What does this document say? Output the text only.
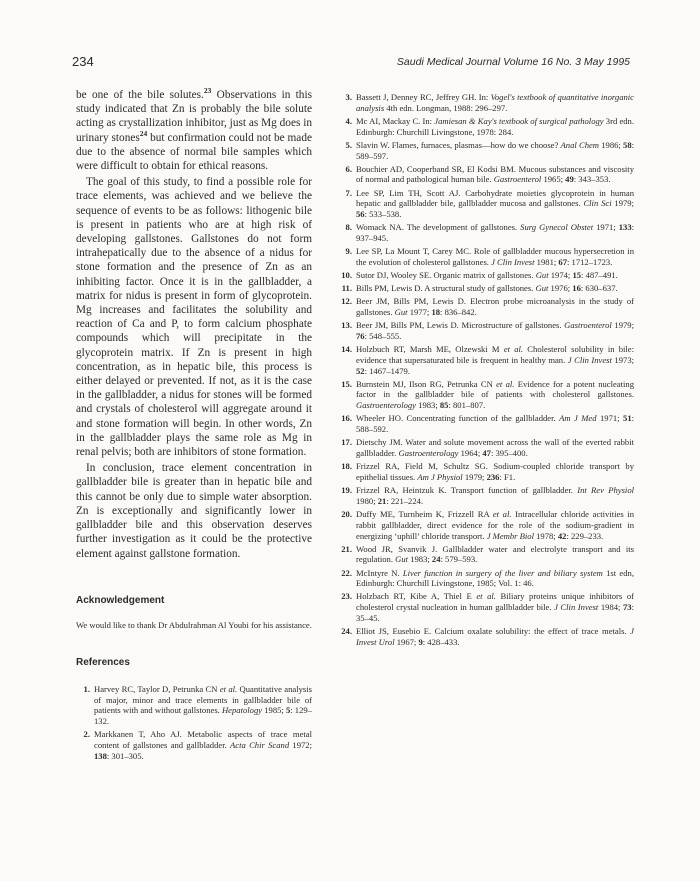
234	Saudi Medical Journal Volume 16 No. 3 May 1995

be one of the bile solutes.$^{23}$ Observations in this study indicated that Zn is probably the bile solute acting as crystallization inhibitor, just as Mg does in urinary stones$^{24}$ but confirmation could not be made due to the absence of normal bile samples which were difficult to obtain for ethical reasons.

The goal of this study, to find a possible role for trace elements, was achieved and we believe the sequence of events to be as follows: lithogenic bile is present in patients who are at high risk of developing gallstones. Gallstones do not form intrahepatically due to the absence of a nidus for stone formation and the presence of Zn as an inhibiting factor. Once it is in the gallbladder, a matrix for nidus is present in form of glycoprotein. Mg increases and facilitates the solubility and reaction of Ca and P, to form calcium phosphate compounds which will precipitate in the glycoprotein matrix. If Zn is present in high concentration, as in hepatic bile, this process is either delayed or prevented. If not, as it is the case in the gallbladder, a nidus for stones will be formed and crystals of cholesterol will aggregate around it and stone formation will begin. In other words, Zn in the gallbladder plays the same role as Mg in renal pelvis; both are inhibitors of stone formation.

In conclusion, trace element concentration in gallbladder bile is greater than in hepatic bile and this cannot be only due to simple water absorption. Zn is exceptionally and significantly lower in gallbladder bile and this observation deserves further investigation as it could be the protective element against gallstone formation.

Acknowledgement

We would like to thank Dr Abdulrahman Al Youbi for his assistance.

References
1. Harvey RC, Taylor D, Petrunka CN et al. Quantitative analysis of major, minor and trace elements in gallbladder bile of patients with and without gallstones. Hepatology 1985; 5: 129–132.
2. Markkanen T, Aho AJ. Metabolic aspects of trace metal content of gallstones and gallbladder. Acta Chir Scand 1972; 138: 301–305.
3. Bassett J, Denney RC, Jeffrey GH. In: Vogel's textbook of quantitative inorganic analysis 4th edn. Longman, 1988: 296–297.
4. Mc AI, Mackay C. In: Jamiesan & Kay's textbook of surgical pathology 3rd edn. Edinburgh: Churchill Livingstone, 1978: 284.
5. Slavin W. Flames, furnaces, plasmas—how do we choose? Anal Chem 1986; 58: 589–597.
6. Bouchier AD, Cooperband SR, El Kodsi BM. Mucous substances and viscosity of normal and pathological human bile. Gastroenterol 1965; 49: 343–353.
7. Lee SP, Lim TH, Scott AJ. Carbohydrate moieties glycoprotein in human hepatic and gallbladder bile, gallbladder mucosa and gallstones. Clin Sci 1979; 56: 533–538.
8. Womack NA. The development of gallstones. Surg Gynecol Obstet 1971; 133: 937–945.
9. Lee SP, La Mount T, Carey MC. Role of gallbladder mucous hypersecretion in the evolution of cholesterol gallstones. J Clin Invest 1981; 67: 1712–1723.
10. Sutor DJ, Wooley SE. Organic matrix of gallstones. Gut 1974; 15: 487–491.
11. Bills PM, Lewis D. A structural study of gallstones. Gut 1976; 16: 630–637.
12. Beer JM, Bills PM, Lewis D. Electron probe microanalysis in the study of gallstones. Gut 1977; 18: 836–842.
13. Beer JM, Bills PM, Lewis D. Microstructure of gallstones. Gastroenterol 1979; 76: 548–555.
14. Holzbuch RT, Marsh ME, Olzewski M et al. Cholesterol solubility in bile: evidence that supersaturated bile is frequent in healthy man. J Clin Invest 1973; 52: 1467–1479.
15. Burnstein MJ, Ilson RG, Petrunka CN et al. Evidence for a potent nucleating factor in the gallbladder bile of patients with cholesterol gallstones. Gastroenterology 1983; 85: 801–807.
16. Wheeler HO. Concentrating function of the gallbladder. Am J Med 1971; 51: 588–592.
17. Dietschy JM. Water and solute movement across the wall of the everted rabbit gallbladder. Gastroenterology 1964; 47: 395–400.
18. Frizzel RA, Field M, Schultz SG. Sodium-coupled chloride transport by epithelial tissues. Am J Physiol 1979; 236: F1.
19. Frizzel RA, Heintzuk K. Transport function of gallbladder. Int Rev Physiol 1980; 21: 221–224.
20. Duffy ME, Turnheim K, Frizzell RA et al. Intracellular chloride activities in rabbit gallbladder, direct evidence for the role of the sodium-gradient in energizing ‘uphill’ chloride transport. J Membr Biol 1978; 42: 229–233.
21. Wood JR, Svanvik J. Gallbladder water and electrolyte transport and its regulation. Gut 1983; 24: 579–593.
22. McIntyre N. Liver function in surgery of the liver and biliary system 1st edn, Edinburgh: Churchill Livingstone, 1985; Vol. 1: 46.
23. Holzbach RT, Kibe A, Thiel E et al. Biliary proteins unique inhibitors of cholesterol crystal nucleation in human gallbladder bile. J Clin Invest 1984; 73: 35–45.
24. Elliot JS, Eusebio E. Calcium oxalate solubility: the effect of trace metals. J Invest Urol 1967; 9: 428–433.
